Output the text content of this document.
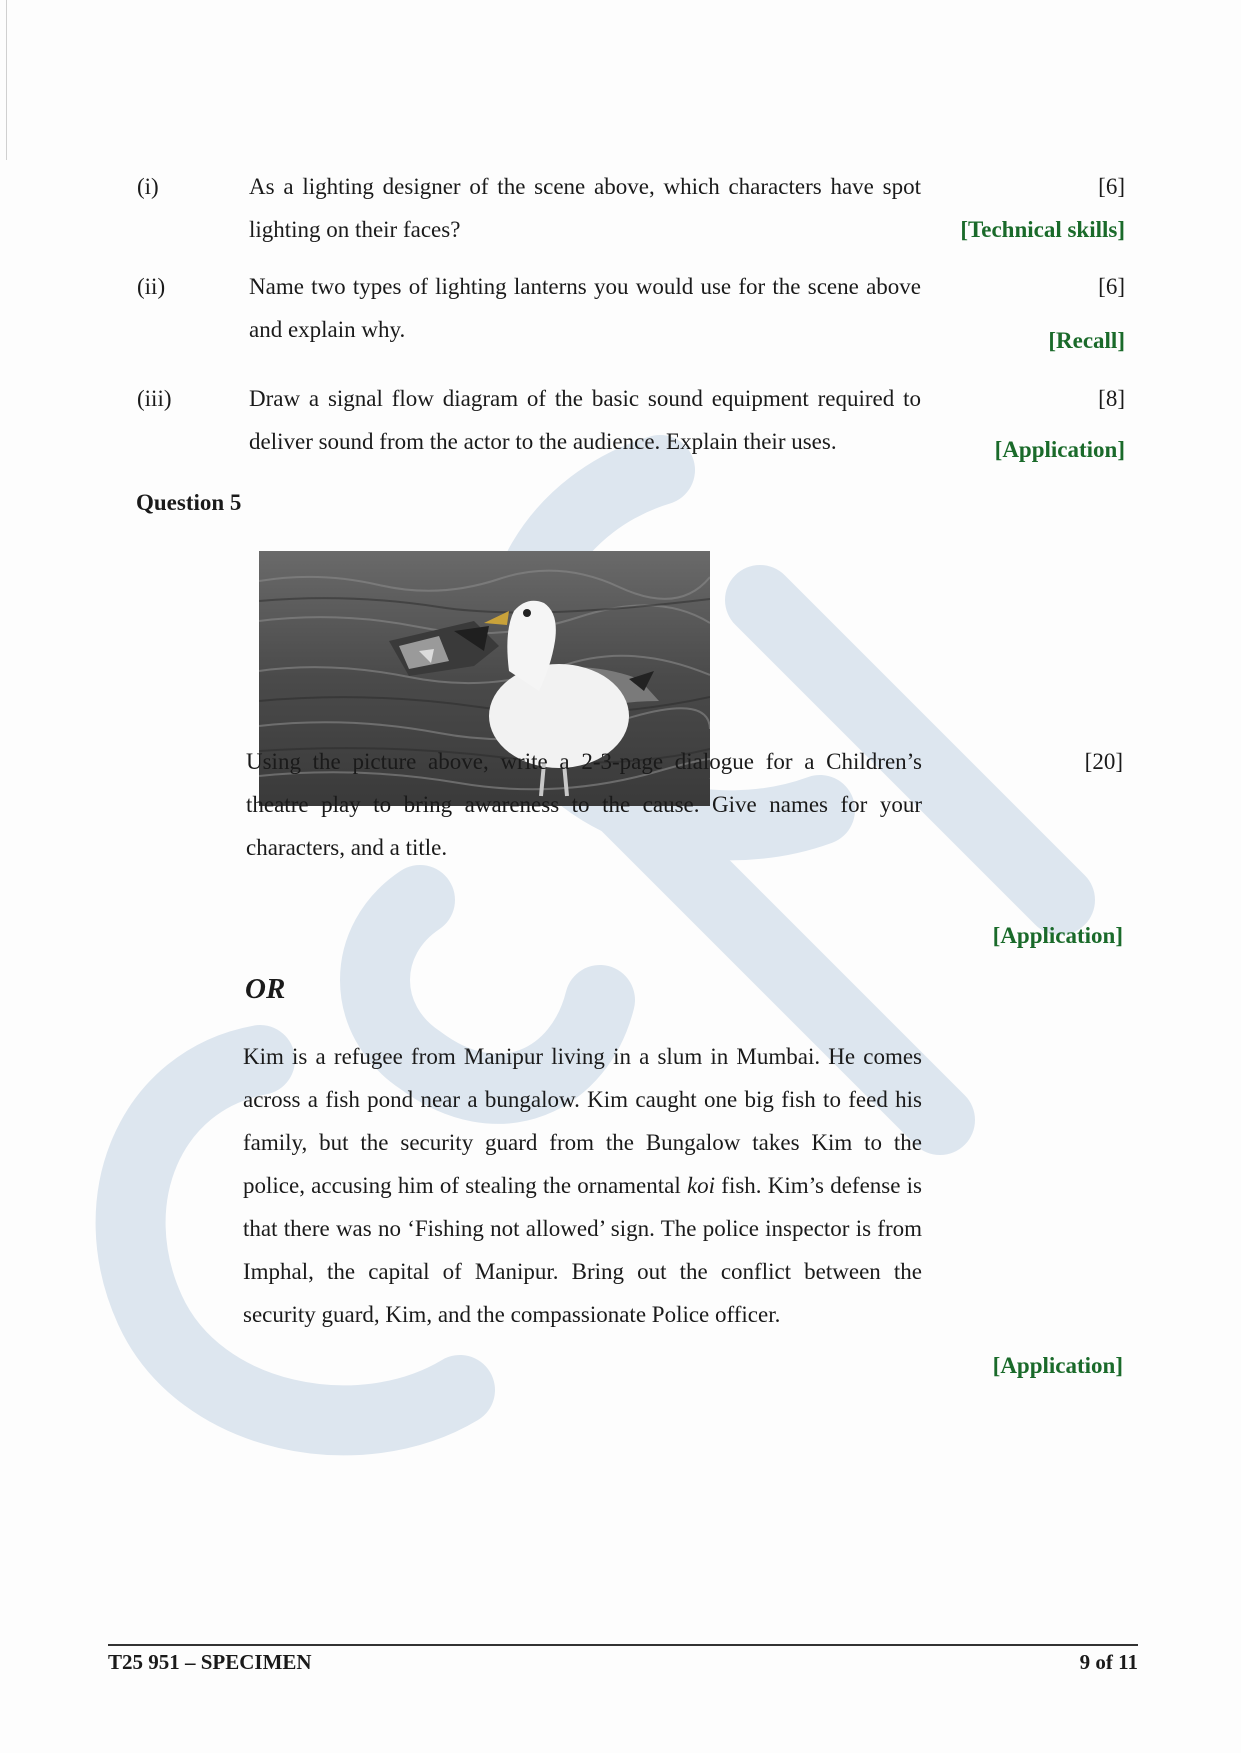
(i)	As a lighting designer of the scene above, which characters have spot lighting on their faces?
[6]
[Technical skills]
(ii)	Name two types of lighting lanterns you would use for the scene above and explain why.
[6]
[Recall]
(iii)	Draw a signal flow diagram of the basic sound equipment required to deliver sound from the actor to the audience. Explain their uses.
[8]
[Application]
Question 5
Using the picture above, write a 2-3-page dialogue for a Children’s theatre play to bring awareness to the cause. Give names for your characters, and a title.
[20]
[Application]
OR
Kim is a refugee from Manipur living in a slum in Mumbai. He comes across a fish pond near a bungalow. Kim caught one big fish to feed his family, but the security guard from the Bungalow takes Kim to the police, accusing him of stealing the ornamental koi fish. Kim’s defense is that there was no ‘Fishing not allowed’ sign. The police inspector is from Imphal, the capital of Manipur. Bring out the conflict between the security guard, Kim, and the compassionate Police officer.
[Application]
T25 951 – SPECIMEN	9 of 11
